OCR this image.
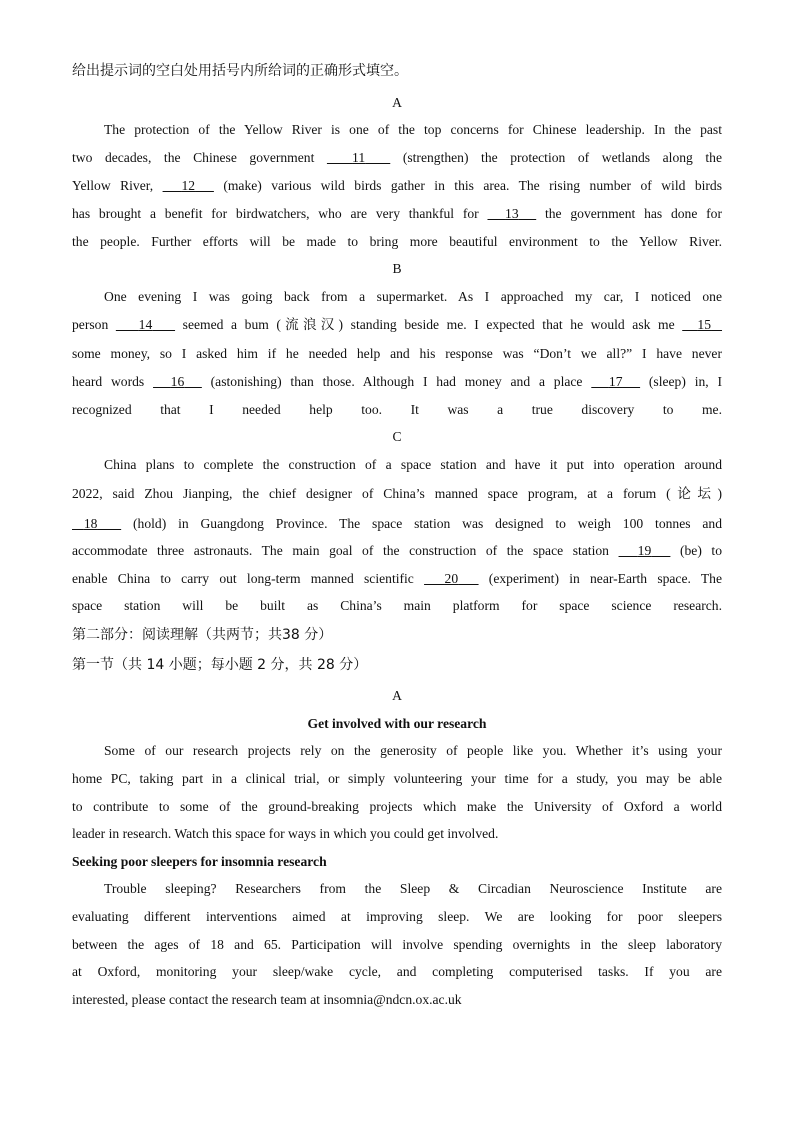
给出提示词的空白处用括号内所给词的正确形式填空。
A
The protection of the Yellow River is one of the top concerns for Chinese leadership. In the past
two decades, the Chinese government   11   (strengthen) the protection of wetlands along the
Yellow River,   12   (make) various wild birds gather in this area. The rising number of wild birds
has brought a benefit for birdwatchers, who are very thankful for   13   the government has done for
the people. Further efforts will be made to bring more beautiful environment to the Yellow River.
B
One evening I was going back from a supermarket. As I approached my car, I noticed one
person    14    seemed a bum (流浪汉) standing beside me. I expected that he would ask me   15
some money, so I asked him if he needed help and his response was “Don’t we all?” I have never
heard words   16   (astonishing) than those. Although I had money and a place   17   (sleep) in, I
recognized that I needed help too. It was a true discovery to me.
C
China plans to complete the construction of a space station and have it put into operation around
2022, said Zhou Jianping, the chief designer of China’s manned space program, at a forum (论坛)
18   (hold) in Guangdong Province. The space station was designed to weigh 100 tonnes and
accommodate three astronauts. The main goal of the construction of the space station   19   (be) to
enable China to carry out long-term manned scientific   20   (experiment) in near-Earth space. The
space station will be built as China’s main platform for space science research.
第二部分：阅读理解（共两节；共38 分）
第一节（共 14 小题；每小题 2 分，共 28 分）
A
Get involved with our research
Some of our research projects rely on the generosity of people like you. Whether it’s using your
home PC, taking part in a clinical trial, or simply volunteering your time for a study, you may be able
to contribute to some of the ground-breaking projects which make the University of Oxford a world
leader in research. Watch this space for ways in which you could get involved.
Seeking poor sleepers for insomnia research
Trouble sleeping? Researchers from the Sleep & Circadian Neuroscience Institute are
evaluating different interventions aimed at improving sleep. We are looking for poor sleepers
between the ages of 18 and 65. Participation will involve spending overnights in the sleep laboratory
at Oxford, monitoring your sleep/wake cycle, and completing computerised tasks. If you are
interested, please contact the research team at insomnia@ndcn.ox.ac.uk
